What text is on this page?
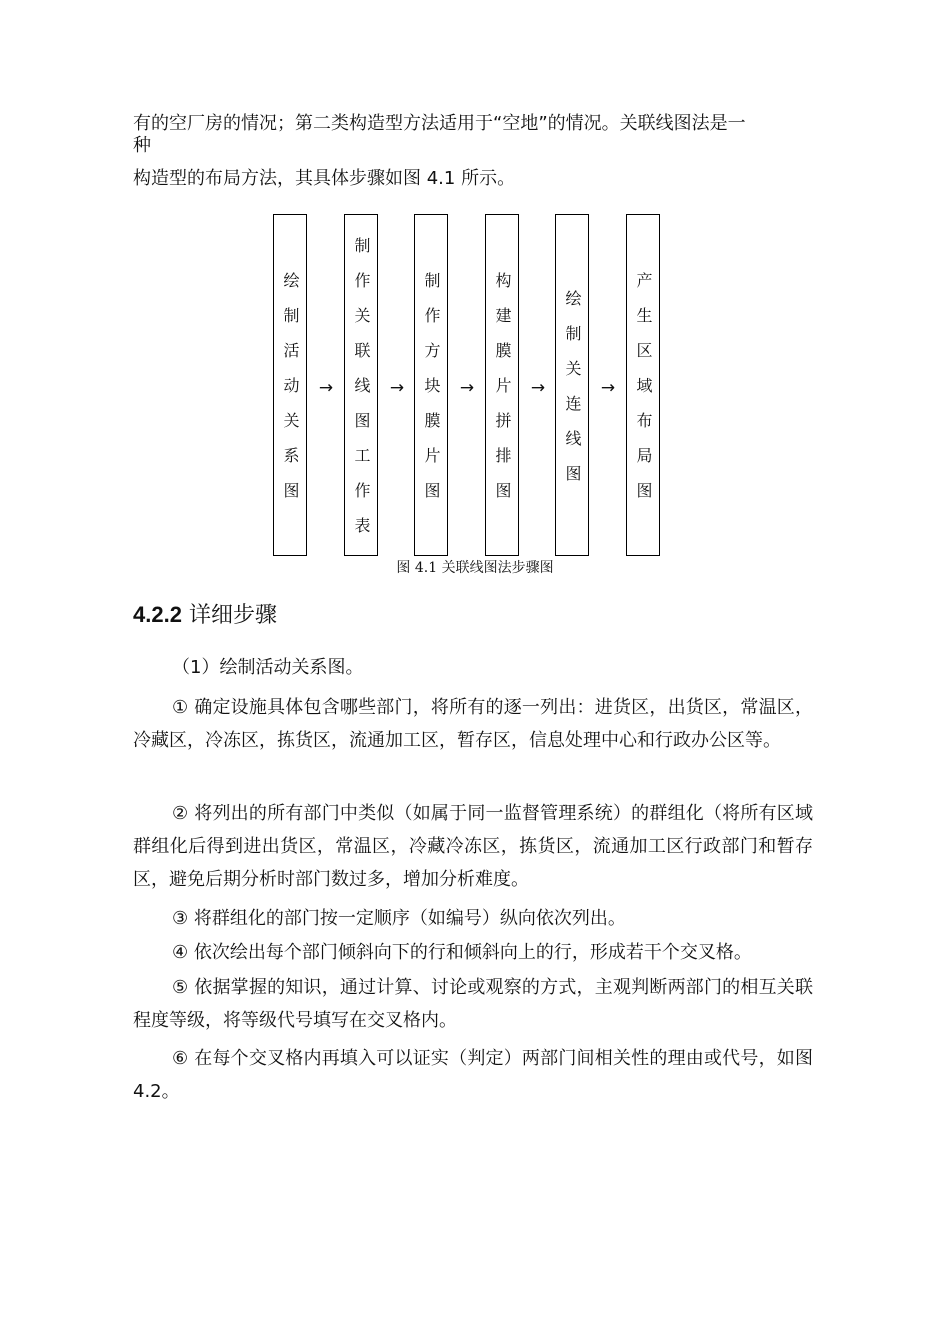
有的空厂房的情况；第二类构造型方法适用于“空地”的情况。关联线图法是一
种
构造型的布局方法，其具体步骤如图 4.1 所示。
绘制活动关系图	→	制作关联线图工作表	→	制作方块膜片图	→	构建膜片拼排图	→	绘制关连线图	→	产生区域布局图
图 4.1 关联线图法步骤图
4.2.2 详细步骤
（1）绘制活动关系图。
① 确定设施具体包含哪些部门，将所有的逐一列出：进货区，出货区，常温区，冷藏区，冷冻区，拣货区，流通加工区，暂存区，信息处理中心和行政办公区等。
② 将列出的所有部门中类似（如属于同一监督管理系统）的群组化（将所有区域群组化后得到进出货区，常温区，冷藏冷冻区，拣货区，流通加工区行政部门和暂存区，避免后期分析时部门数过多，增加分析难度。
③ 将群组化的部门按一定顺序（如编号）纵向依次列出。
④ 依次绘出每个部门倾斜向下的行和倾斜向上的行，形成若干个交叉格。
⑤ 依据掌握的知识，通过计算、讨论或观察的方式，主观判断两部门的相互关联程度等级，将等级代号填写在交叉格内。
⑥ 在每个交叉格内再填入可以证实（判定）两部门间相关性的理由或代号，如图4.2。
